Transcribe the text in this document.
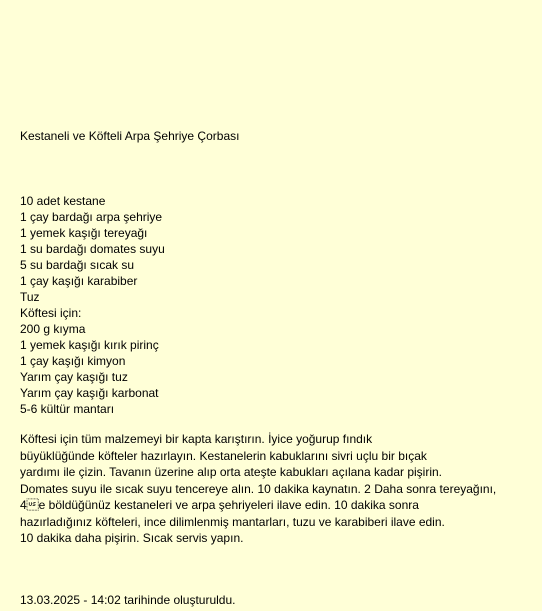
Kestaneli ve Köfteli Arpa Şehriye Çorbası
10 adet kestane
1 çay bardağı arpa şehriye
1 yemek kaşığı tereyağı
1 su bardağı domates suyu
5 su bardağı sıcak su
1 çay kaşığı karabiber
Tuz
Köftesi için:
200 g kıyma
1 yemek kaşığı kırık pirinç
1 çay kaşığı kimyon
Yarım çay kaşığı tuz
Yarım çay kaşığı karbonat
5-6 kültür mantarı
Köftesi için tüm malzemeyi bir kapta karıştırın. İyice yoğurup fındık
büyüklüğünde köfteler hazırlayın. Kestanelerin kabuklarını sivri uçlu bir bıçak
yardımı ile çizin. Tavanın üzerine alıp orta ateşte kabukları açılana kadar pişirin.
Domates suyu ile sıcak suyu tencereye alın. 10 dakika kaynatın. 2 Daha sonra tereyağını,
4e böldüğünüz kestaneleri ve arpa şehriyeleri ilave edin. 10 dakika sonra
hazırladığınız köfteleri, ince dilimlenmiş mantarları, tuzu ve karabiberi ilave edin.
10 dakika daha pişirin. Sıcak servis yapın.
13.03.2025 - 14:02 tarihinde oluşturuldu.
